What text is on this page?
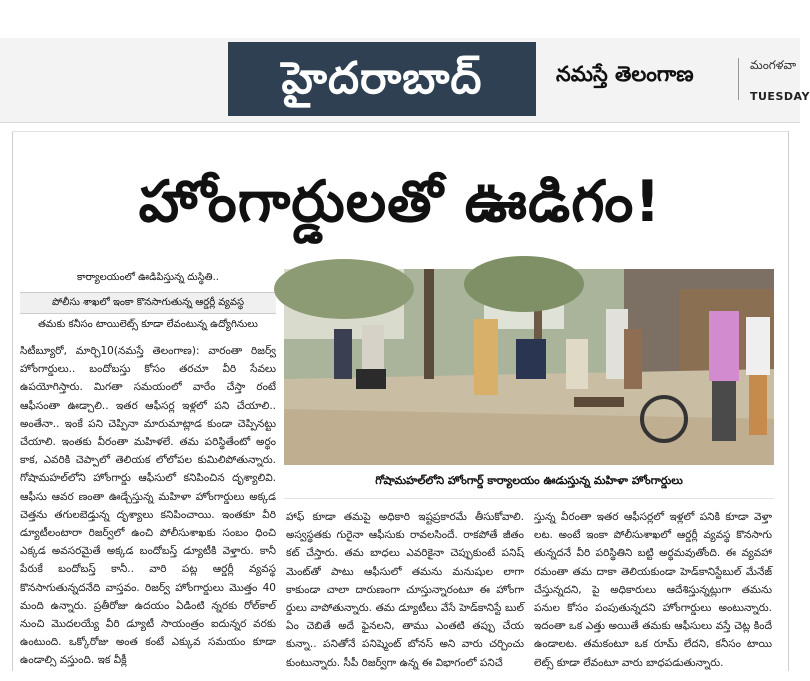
హైదరాబాద్	నమస్తే తెలంగాణ	మంగళవా
TUESDAY
హోంగార్డులతో ఊడిగం!
కార్యాలయంలో ఊడిపిస్తున్న దుస్థితి..
పోలీసు శాఖలో ఇంకా కొనసాగుతున్న ఆర్డర్లీ వ్యవస్థ
తమకు కనీసం టాయిలెట్స్ కూడా లేవంటున్న ఉద్యోగినులు
సిటీబ్యూరో, మార్చి10(నమస్తే తెలంగాణ): వారంతా రిజర్వ్ హోంగార్డులు.. బందోబస్తు కోసం తరచూ వీరి సేవలు ఉపయోగిస్తారు. మిగతా సమయంలో వారేం చేస్తా రంటే ఆఫీసంతా ఊడ్చాలి.. ఇతర ఆఫీసర్ల ఇళ్లలో పని చేయాలి.. అంతేనా.. ఇంకే పని చెప్పినా మారుమాట్లాడ కుండా చెప్పినట్టు చేయాలి. ఇంతకు వీరంతా మహిళలే. తమ పరిస్థితేంటో అర్థం కాక, ఎవరికి చెప్పాలో తెలియక లోలోపల కుమిలిపోతున్నారు. గోషామహల్‌లోని హోంగార్డు ఆఫీసులో కనిపించిన దృశ్యాలివి. ఆఫీసు ఆవర ణంతా ఊడ్చేస్తున్న మహిళా హోంగార్డులు అక్కడ చెత్తను తగులబెడ్తున్న దృశ్యాలు కనిపించాయి. ఇంతకూ వీరి డ్యూటీలంటారా రిజర్వ్‌లో ఉంచి పోలీసుశాఖకు సంబం ధించి ఎక్కడ అవసరమైతే అక్కడ బందోబస్త్ డ్యూటీకి వెళ్తారు. కానీ పేరుకే బందోబస్త్ కానీ.. వారి పట్ల ఆర్డర్లీ వ్యవస్థ కొనసాగుతున్నదనేది వాస్తవం. రిజర్వ్ హోంగార్డులు మొత్తం 40 మంది ఉన్నారు. ప్రతీరోజు ఉదయం ఏడింటి న్నరకు రోల్‌కాల్ నుంచి మొదలయ్యే వీరి డ్యూటీ సాయంత్రం ఐదున్నర వరకు ఉంటుంది. ఒక్కోరోజు అంత కంటే ఎక్కువ సమయం కూడా ఉండాల్సి వస్తుంది. ఇక వీక్లీ
గోషామహల్‌లోని హోంగార్డ్ కార్యాలయం ఊడుస్తున్న మహిళా హోంగార్డులు
హాఫ్ కూడా తమపై అధికారి ఇష్టప్రకారమే తీసుకోవాలి. అస్వస్థతకు గురైనా ఆఫీసుకు రావలసిందే. రాకపోతే జీతం కట్ చేస్తారు. తమ బాధలు ఎవరికైనా చెప్పుకుంటే పనిష్ మెంట్‌తో పాటు ఆఫీసులో తమను మనుషుల లాగా కాకుండా చాలా దారుణంగా చూస్తున్నారంటూ ఈ హోంగా ర్డులు వాపోతున్నారు. తమ డ్యూటీలు వేసే హెడ్‌కానిస్టే బుల్ ఏం చెబితే అదే ఫైనలని, తాము ఎంతటి తప్పు చేయ కున్నా.. పనితోనే పనిష్మెంట్ బోనస్ అని వారు చర్చించు కుంటున్నారు. సీపీ రిజర్వ్‌గా ఉన్న ఈ విభాగంలో పనిచే
స్తున్న వీరంతా ఇతర ఆఫీసర్లలో ఇళ్లలో పనికి కూడా వెళ్తా లట. అంటే ఇంకా పోలీసుశాఖలో ఆర్డర్లీ వ్యవస్థ కొనసాగు తున్నదనే వీరి పరిస్థితిని బట్టి అర్థమవుతోంది. ఈ వ్యవహా రమంతా తమ దాకా తెలియకుండా హెడ్‌కానిస్టేబుల్ మేనేజ్ చేస్తున్నదని, పై అధికారులు ఆదేశిస్తున్నట్లుగా తమను పనుల కోసం పంపుతున్నదని హోంగార్డులు అంటున్నారు. ఇదంతా ఒక ఎత్తు అయితే తమకు ఆఫీసులు వస్తే చెట్ల కిందే ఉండాలట. తమకంటూ ఒక రూమ్ లేదని, కనీసం టాయి లెట్స్ కూడా లేవంటూ వారు బాధపడుతున్నారు.
